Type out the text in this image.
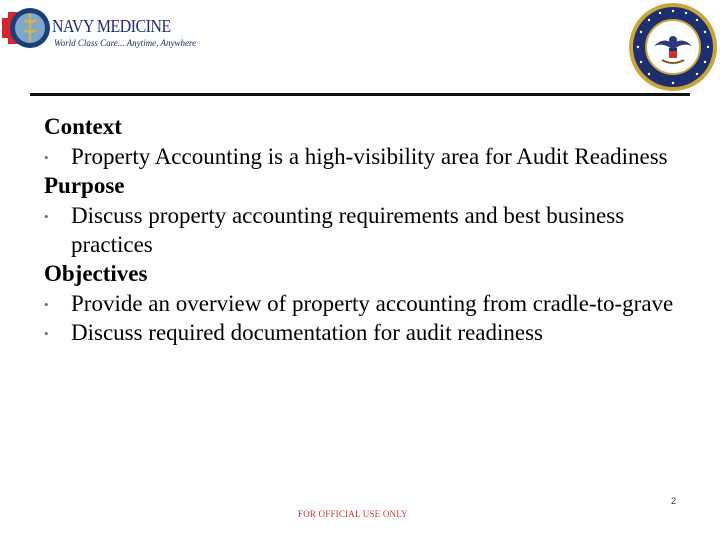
NAVY MEDICINE
World Class Care... Anytime, Anywhere
Context
• Property Accounting is a high-visibility area for Audit Readiness
Purpose
• Discuss property accounting requirements and best business practices
Objectives
• Provide an overview of property accounting from cradle-to-grave
• Discuss required documentation for audit readiness
2
FOR OFFICIAL USE ONLY
